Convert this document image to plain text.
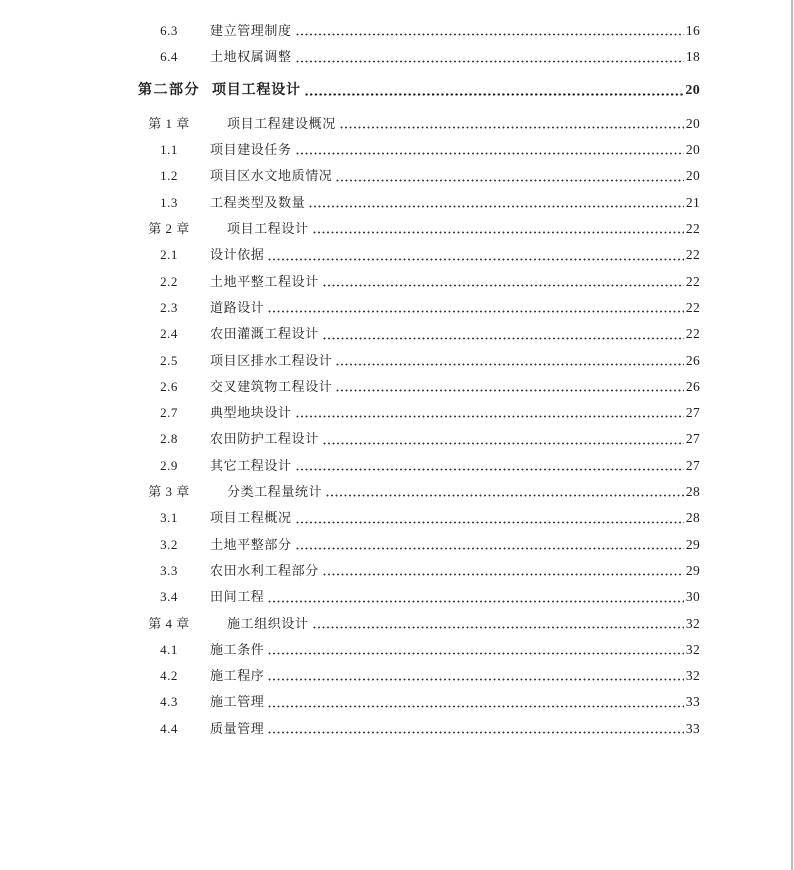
6.3	建立管理制度	16
6.4	土地权属调整	18
第二部分 项目工程设计	20
第 1 章	项目工程建设概况	20
1.1	项目建设任务	20
1.2	项目区水文地质情况	20
1.3	工程类型及数量	21
第 2 章	项目工程设计	22
2.1	设计依据	22
2.2	土地平整工程设计	22
2.3	道路设计	22
2.4	农田灌溉工程设计	22
2.5	项目区排水工程设计	26
2.6	交叉建筑物工程设计	26
2.7	典型地块设计	27
2.8	农田防护工程设计	27
2.9	其它工程设计	27
第 3 章	分类工程量统计	28
3.1	项目工程概况	28
3.2	土地平整部分	29
3.3	农田水利工程部分	29
3.4	田间工程	30
第 4 章	施工组织设计	32
4.1	施工条件	32
4.2	施工程序	32
4.3	施工管理	33
4.4	质量管理	33
